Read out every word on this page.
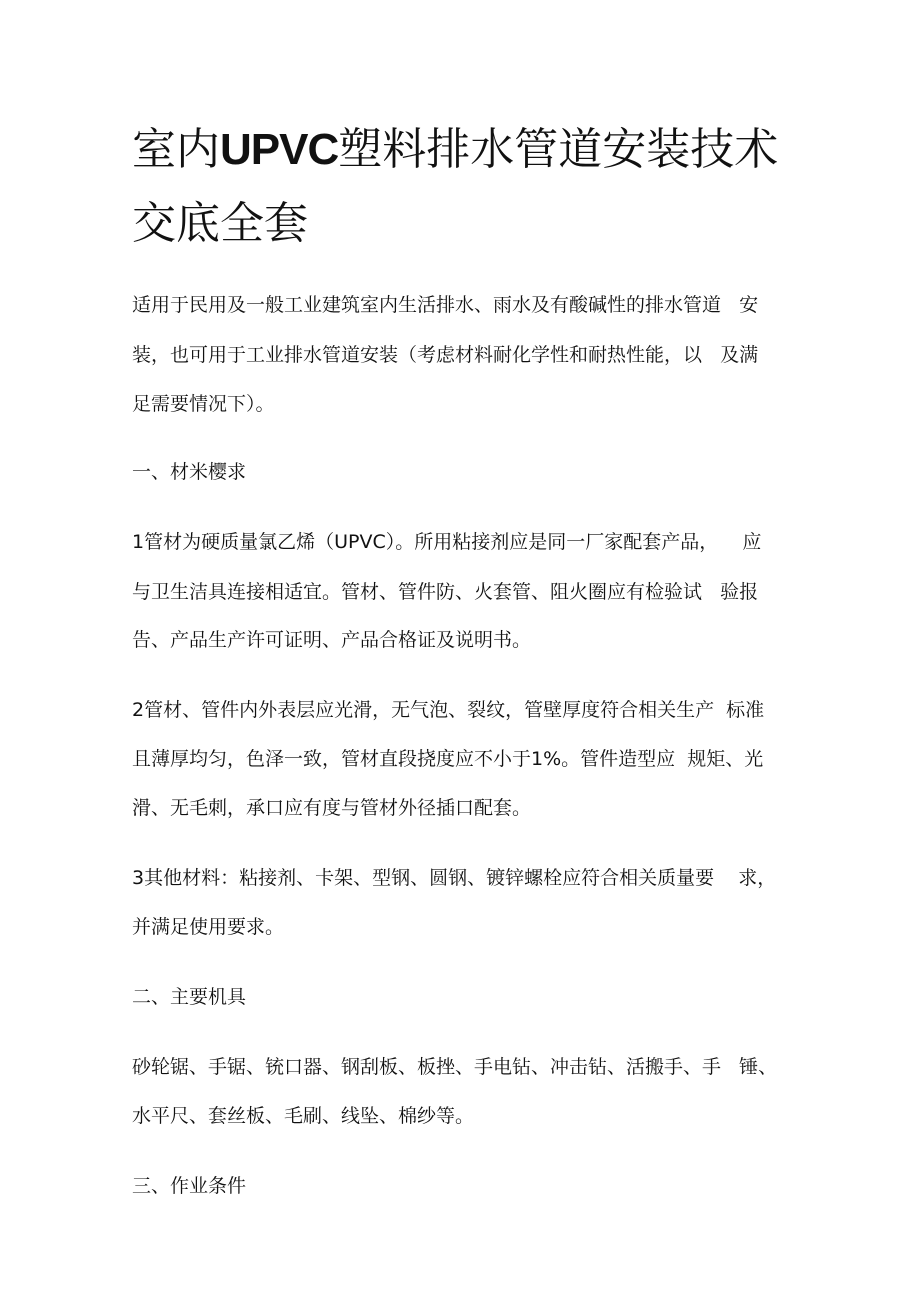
室内UPVC塑料排水管道安装技术
交底全套

适用于民用及一般工业建筑室内生活排水、雨水及有酸碱性的排水管道   安

装，也可用于工业排水管道安装（考虑材料耐化学性和耐热性能，以   及满

足需要情况下）。

一、材米樱求

1管材为硬质量氯乙烯（UPVC）。所用粘接剂应是同一厂家配套产品，    应

与卫生洁具连接相适宜。管材、管件防、火套管、阻火圈应有检验试   验报

告、产品生产许可证明、产品合格证及说明书。

2管材、管件内外表层应光滑，无气泡、裂纹，管壁厚度符合相关生产  标准

且薄厚均匀，色泽一致，管材直段挠度应不小于1%。管件造型应  规矩、光

滑、无毛刺，承口应有度与管材外径插口配套。

3其他材料：粘接剂、卡架、型钢、圆钢、镀锌螺栓应符合相关质量要    求，

并满足使用要求。

二、主要机具

砂轮锯、手锯、铳口器、钢刮板、板挫、手电钻、冲击钻、活搬手、手   锤、

水平尺、套丝板、毛刷、线坠、棉纱等。

三、作业条件
